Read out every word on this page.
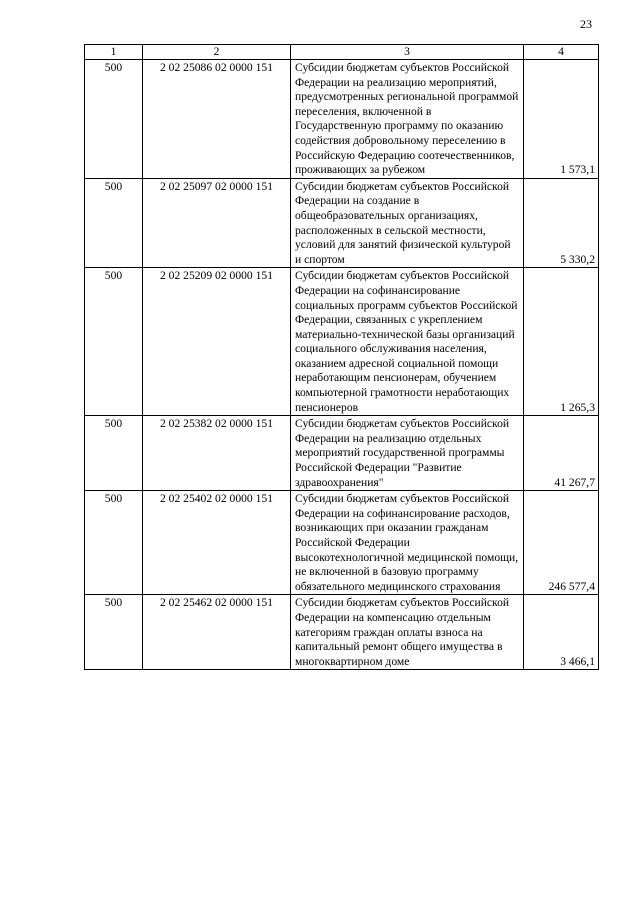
23
1	2	3	4
500	2 02 25086 02 0000 151	Субсидии бюджетам субъектов Российской Федерации на реализацию мероприятий, предусмотренных региональной программой переселения, включенной в Государственную программу по оказанию содействия добровольному переселению в Российскую Федерацию соотечественников, проживающих за рубежом	1 573,1
500	2 02 25097 02 0000 151	Субсидии бюджетам субъектов Российской Федерации на создание в общеобразовательных организациях, расположенных в сельской местности, условий для занятий физической культурой и спортом	5 330,2
500	2 02 25209 02 0000 151	Субсидии бюджетам субъектов Российской Федерации на софинансирование социальных программ субъектов Российской Федерации, связанных с укреплением материально-технической базы организаций социального обслуживания населения, оказанием адресной социальной помощи неработающим пенсионерам, обучением компьютерной грамотности неработающих пенсионеров	1 265,3
500	2 02 25382 02 0000 151	Субсидии бюджетам субъектов Российской Федерации на реализацию отдельных мероприятий государственной программы Российской Федерации "Развитие здравоохранения"	41 267,7
500	2 02 25402 02 0000 151	Субсидии бюджетам субъектов Российской Федерации на софинансирование расходов, возникающих при оказании гражданам Российской Федерации высокотехнологичной медицинской помощи, не включенной в базовую программу обязательного медицинского страхования	246 577,4
500	2 02 25462 02 0000 151	Субсидии бюджетам субъектов Российской Федерации на компенсацию отдельным категориям граждан оплаты взноса на капитальный ремонт общего имущества в многоквартирном доме	3 466,1
